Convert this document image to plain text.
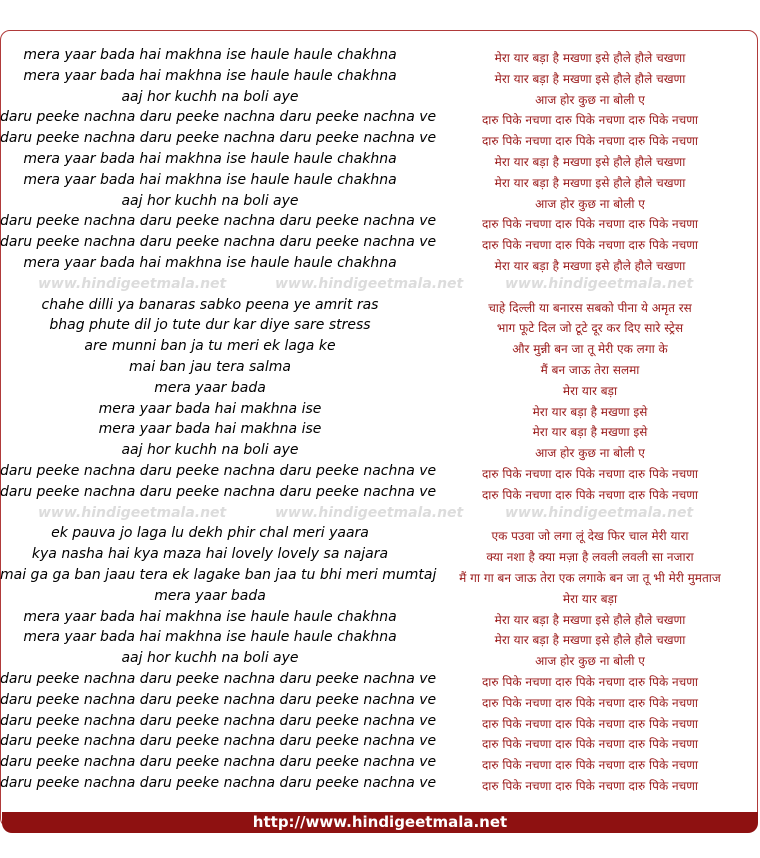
mera yaar bada hai makhna ise haule haule chakhna	मेरा यार बड़ा है मखणा इसे हौले हौले चखणा
mera yaar bada hai makhna ise haule haule chakhna	मेरा यार बड़ा है मखणा इसे हौले हौले चखणा
aaj hor kuchh na boli aye	आज होर कुछ ना बोली ए
daru peeke nachna daru peeke nachna daru peeke nachna ve	दारु पिके नचणा दारु पिके नचणा दारु पिके नचणा
daru peeke nachna daru peeke nachna daru peeke nachna ve	दारु पिके नचणा दारु पिके नचणा दारु पिके नचणा
mera yaar bada hai makhna ise haule haule chakhna	मेरा यार बड़ा है मखणा इसे हौले हौले चखणा
mera yaar bada hai makhna ise haule haule chakhna	मेरा यार बड़ा है मखणा इसे हौले हौले चखणा
aaj hor kuchh na boli aye	आज होर कुछ ना बोली ए
daru peeke nachna daru peeke nachna daru peeke nachna ve	दारु पिके नचणा दारु पिके नचणा दारु पिके नचणा
daru peeke nachna daru peeke nachna daru peeke nachna ve	दारु पिके नचणा दारु पिके नचणा दारु पिके नचणा
mera yaar bada hai makhna ise haule haule chakhna	मेरा यार बड़ा है मखणा इसे हौले हौले चखणा
www.hindigeetmala.net	www.hindigeetmala.net	www.hindigeetmala.net
chahe dilli ya banaras sabko peena ye amrit ras	चाहे दिल्ली या बनारस सबको पीना ये अमृत रस
bhag phute dil jo tute dur kar diye sare stress	भाग फूटे दिल जो टूटे दूर कर दिए सारे स्ट्रेस
are munni ban ja tu meri ek laga ke	और मुन्नी बन जा तू मेरी एक लगा के
mai ban jau tera salma	मैं बन जाऊ तेरा सलमा
mera yaar bada	मेरा यार बड़ा
mera yaar bada hai makhna ise	मेरा यार बड़ा है मखणा इसे
mera yaar bada hai makhna ise	मेरा यार बड़ा है मखणा इसे
aaj hor kuchh na boli aye	आज होर कुछ ना बोली ए
daru peeke nachna daru peeke nachna daru peeke nachna ve	दारु पिके नचणा दारु पिके नचणा दारु पिके नचणा
daru peeke nachna daru peeke nachna daru peeke nachna ve	दारु पिके नचणा दारु पिके नचणा दारु पिके नचणा
www.hindigeetmala.net	www.hindigeetmala.net	www.hindigeetmala.net
ek pauva jo laga lu dekh phir chal meri yaara	एक पउवा जो लगा लूं देख फिर चाल मेरी यारा
kya nasha hai kya maza hai lovely lovely sa najara	क्या नशा है क्या मज़ा है लवली लवली सा नजारा
mai ga ga ban jaau tera ek lagake ban jaa tu bhi meri mumtaj	मैं गा गा बन जाऊ तेरा एक लगाके बन जा तू भी मेरी मुमताज
mera yaar bada	मेरा यार बड़ा
mera yaar bada hai makhna ise haule haule chakhna	मेरा यार बड़ा है मखणा इसे हौले हौले चखणा
mera yaar bada hai makhna ise haule haule chakhna	मेरा यार बड़ा है मखणा इसे हौले हौले चखणा
aaj hor kuchh na boli aye	आज होर कुछ ना बोली ए
daru peeke nachna daru peeke nachna daru peeke nachna ve	दारु पिके नचणा दारु पिके नचणा दारु पिके नचणा
daru peeke nachna daru peeke nachna daru peeke nachna ve	दारु पिके नचणा दारु पिके नचणा दारु पिके नचणा
daru peeke nachna daru peeke nachna daru peeke nachna ve	दारु पिके नचणा दारु पिके नचणा दारु पिके नचणा
daru peeke nachna daru peeke nachna daru peeke nachna ve	दारु पिके नचणा दारु पिके नचणा दारु पिके नचणा
daru peeke nachna daru peeke nachna daru peeke nachna ve	दारु पिके नचणा दारु पिके नचणा दारु पिके नचणा
daru peeke nachna daru peeke nachna daru peeke nachna ve	दारु पिके नचणा दारु पिके नचणा दारु पिके नचणा
http://www.hindigeetmala.net
